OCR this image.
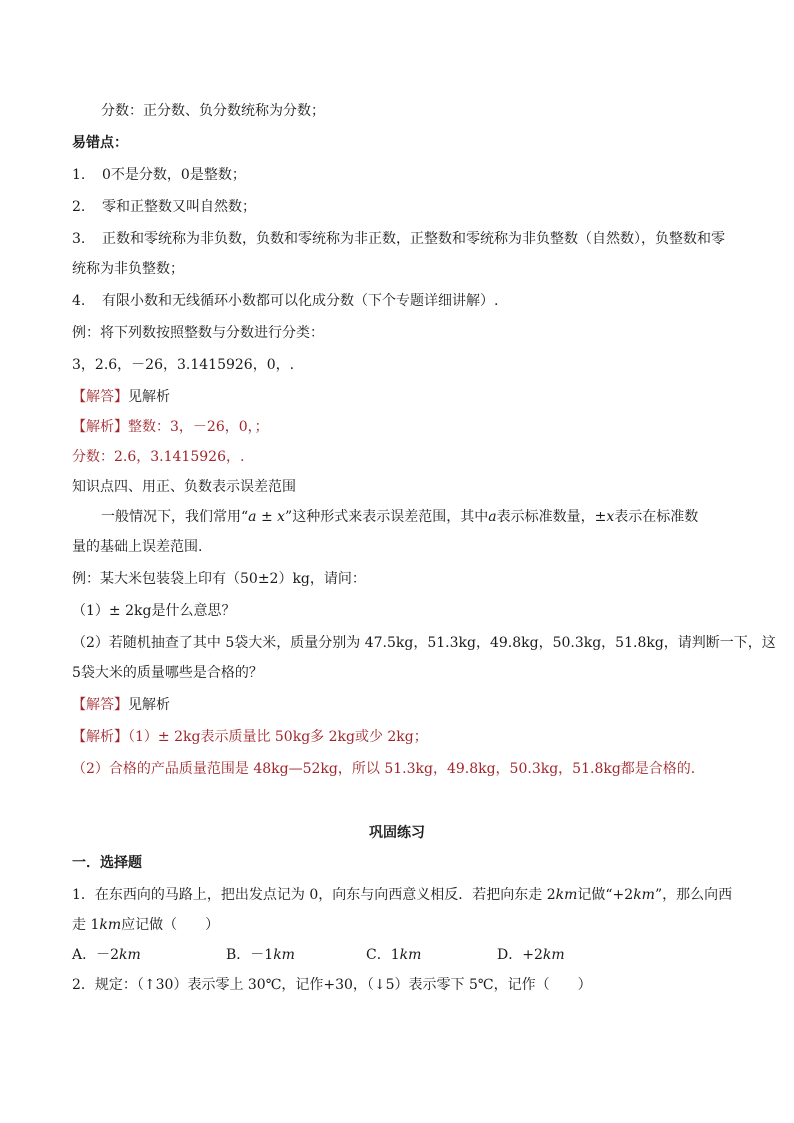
分数：正分数、负分数统称为分数；
易错点：
1. 0不是分数，0是整数；
2. 零和正整数又叫自然数；
3. 正数和零统称为非负数，负数和零统称为非正数，正整数和零统称为非负整数（自然数），负整数和零
统称为非负整数；
4. 有限小数和无线循环小数都可以化成分数（下个专题详细讲解）.
例：将下列数按照整数与分数进行分类：
3，2.6，－26，3.1415926，0，.
【解答】见解析
【解析】整数：3，－26，0，；
分数：2.6，3.1415926，.
知识点四、用正、负数表示误差范围
一般情况下，我们常用“a ± x”这种形式来表示误差范围，其中a表示标准数量，±x表示在标准数
量的基础上误差范围.
例：某大米包装袋上印有（50±2）kg，请问：
（1）± 2kg是什么意思？
（2）若随机抽查了其中 5袋大米，质量分别为 47.5kg，51.3kg，49.8kg，50.3kg，51.8kg，请判断一下，这
5袋大米的质量哪些是合格的？
【解答】见解析
【解析】（1）± 2kg表示质量比 50kg多 2kg或少 2kg；
（2）合格的产品质量范围是 48kg—52kg，所以 51.3kg，49.8kg，50.3kg，51.8kg都是合格的.
巩固练习
一．选择题
1．在东西向的马路上，把出发点记为 0，向东与向西意义相反．若把向东走 2km记做“+2km”，那么向西
走 1km应记做（　　）
A．－2km	B．－1km	C．1km	D．+2km
2．规定：（↑30）表示零上 30℃，记作+30，（↓5）表示零下 5℃，记作（　　）
